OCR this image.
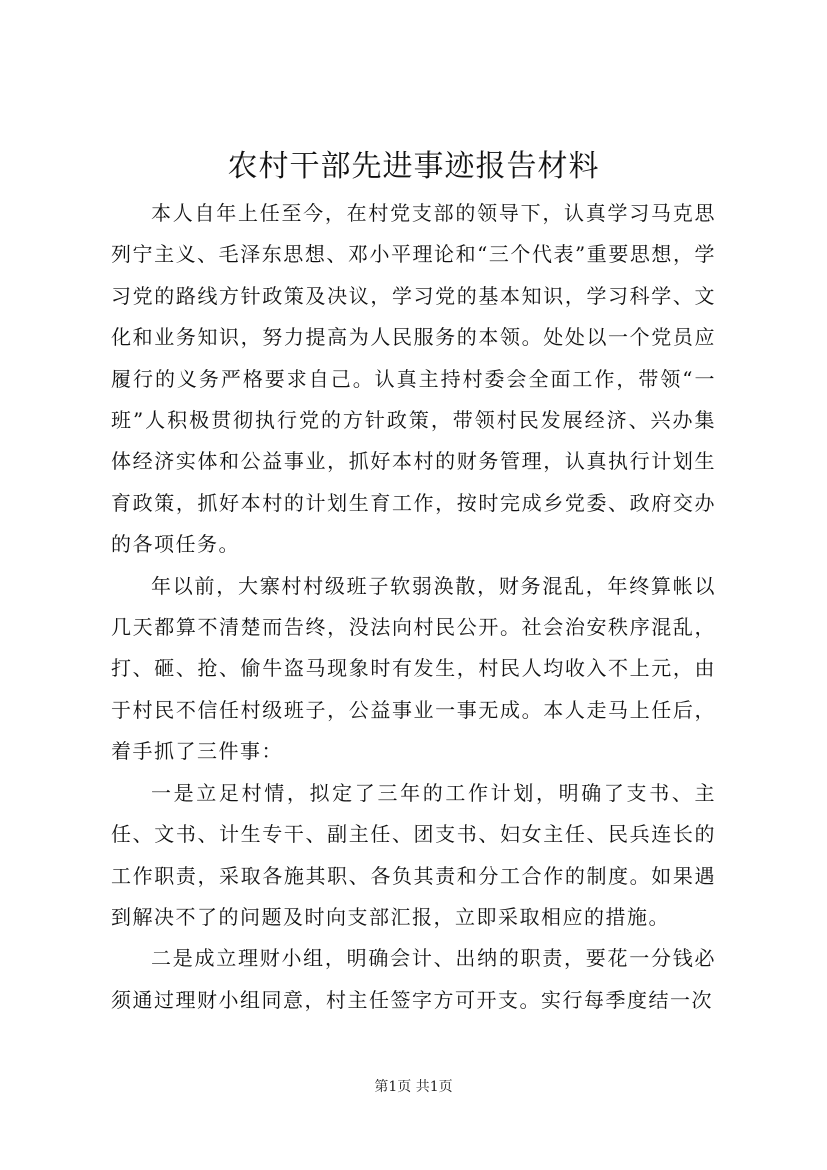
农村干部先进事迹报告材料

本人自年上任至今，在村党支部的领导下，认真学习马克思列宁主义、毛泽东思想、邓小平理论和“三个代表”重要思想，学习党的路线方针政策及决议，学习党的基本知识，学习科学、文化和业务知识，努力提高为人民服务的本领。处处以一个党员应履行的义务严格要求自己。认真主持村委会全面工作，带领“一班”人积极贯彻执行党的方针政策，带领村民发展经济、兴办集体经济实体和公益事业，抓好本村的财务管理，认真执行计划生育政策，抓好本村的计划生育工作，按时完成乡党委、政府交办的各项任务。

年以前，大寨村村级班子软弱涣散，财务混乱，年终算帐以几天都算不清楚而告终，没法向村民公开。社会治安秩序混乱，打、砸、抢、偷牛盗马现象时有发生，村民人均收入不上元，由于村民不信任村级班子，公益事业一事无成。本人走马上任后，着手抓了三件事：

一是立足村情，拟定了三年的工作计划，明确了支书、主任、文书、计生专干、副主任、团支书、妇女主任、民兵连长的工作职责，采取各施其职、各负其责和分工合作的制度。如果遇到解决不了的问题及时向支部汇报，立即采取相应的措施。

二是成立理财小组，明确会计、出纳的职责，要花一分钱必须通过理财小组同意，村主任签字方可开支。实行每季度结一次

第1页 共1页
